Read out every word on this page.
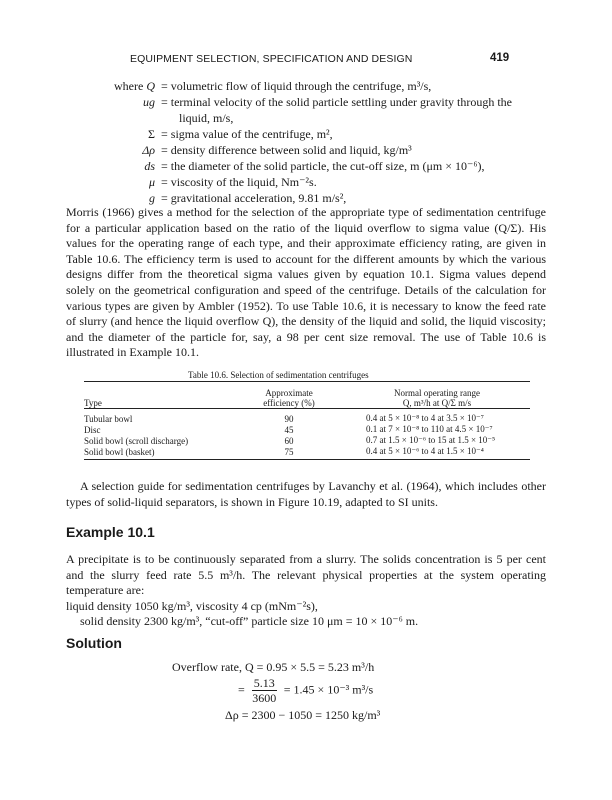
EQUIPMENT SELECTION, SPECIFICATION AND DESIGN	419
where Q = volumetric flow of liquid through the centrifuge, m³/s,
ug = terminal velocity of the solid particle settling under gravity through the
liquid, m/s,
Σ = sigma value of the centrifuge, m²,
Δρ = density difference between solid and liquid, kg/m³
ds = the diameter of the solid particle, the cut-off size, m (μm × 10⁻⁶),
μ = viscosity of the liquid, Nm⁻²s.
g = gravitational acceleration, 9.81 m/s²,
Morris (1966) gives a method for the selection of the appropriate type of sedimentation centrifuge for a particular application based on the ratio of the liquid overflow to sigma value (Q/Σ). His values for the operating range of each type, and their approximate efficiency rating, are given in Table 10.6. The efficiency term is used to account for the different amounts by which the various designs differ from the theoretical sigma values given by equation 10.1. Sigma values depend solely on the geometrical configuration and speed of the centrifuge. Details of the calculation for various types are given by Ambler (1952). To use Table 10.6, it is necessary to know the feed rate of slurry (and hence the liquid overflow Q), the density of the liquid and solid, the liquid viscosity; and the diameter of the particle for, say, a 98 per cent size removal. The use of Table 10.6 is illustrated in Example 10.1.
Table 10.6. Selection of sedimentation centrifuges
	Approximate	Normal operating range
Type	efficiency (%)	Q, m³/h at Q/Σ m/s

Tubular bowl	90	0.4 at 5 × 10⁻⁸ to 4 at 3.5 × 10⁻⁷
Disc	45	0.1 at 7 × 10⁻⁸ to 110 at 4.5 × 10⁻⁷
Solid bowl (scroll discharge)	60	0.7 at 1.5 × 10⁻⁶ to 15 at 1.5 × 10⁻⁵
Solid bowl (basket)	75	0.4 at 5 × 10⁻⁶ to 4 at 1.5 × 10⁻⁴

A selection guide for sedimentation centrifuges by Lavanchy et al. (1964), which includes other types of solid-liquid separators, is shown in Figure 10.19, adapted to SI units.
Example 10.1
A precipitate is to be continuously separated from a slurry. The solids concentration is 5 per cent and the slurry feed rate 5.5 m³/h. The relevant physical properties at the system operating temperature are:
liquid density 1050 kg/m³, viscosity 4 cp (mNm⁻²s),
solid density 2300 kg/m³, “cut-off” particle size 10 μm = 10 × 10⁻⁶ m.
Solution
Overflow rate, Q = 0.95 × 5.5 = 5.23 m³/h
= $\frac{5.13}{3600} = 1.45 \times 10^{-3}$ m³/s
Δρ = 2300 − 1050 = 1250 kg/m³
